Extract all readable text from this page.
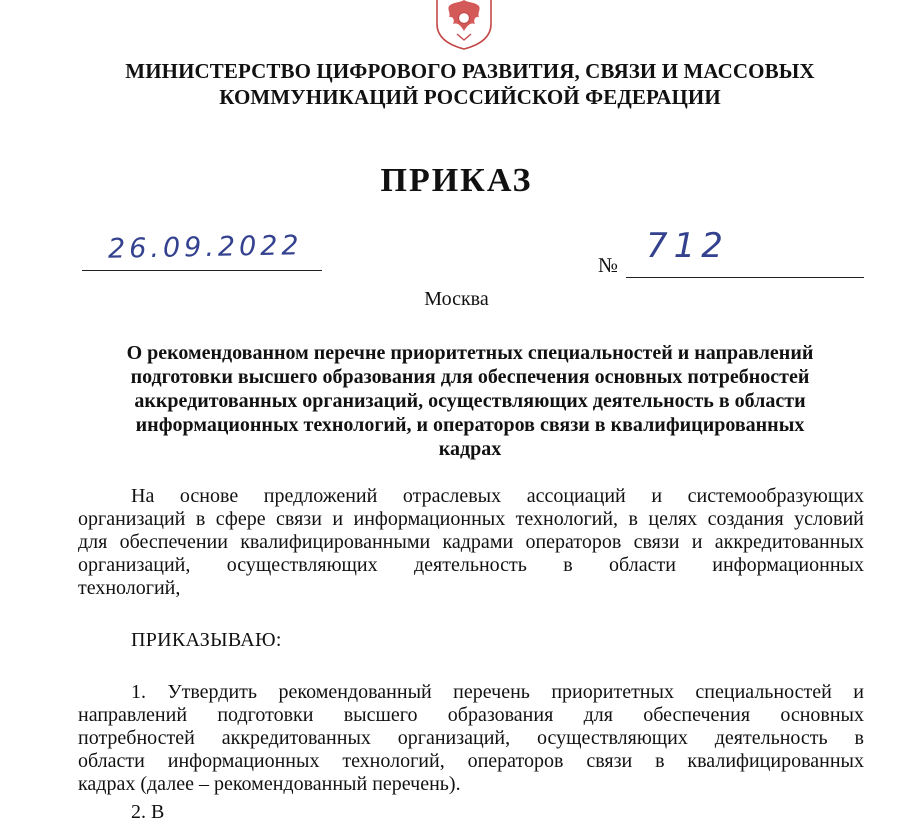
МИНИСТЕРСТВО ЦИФРОВОГО РАЗВИТИЯ, СВЯЗИ И МАССОВЫХ
КОММУНИКАЦИЙ РОССИЙСКОЙ ФЕДЕРАЦИИ
ПРИКАЗ
26.09.2022
№ 712
Москва
О рекомендованном перечне приоритетных специальностей и направлений
подготовки высшего образования для обеспечения основных потребностей
аккредитованных организаций, осуществляющих деятельность в области
информационных технологий, и операторов связи в квалифицированных
кадрах
На основе предложений отраслевых ассоциаций и системообразующих
организаций в сфере связи и информационных технологий, в целях создания условий
для обеспечении квалифицированными кадрами операторов связи и аккредитованных
организаций, осуществляющих деятельность в области информационных
технологий,
ПРИКАЗЫВАЮ:
1. Утвердить рекомендованный перечень приоритетных специальностей и
направлений подготовки высшего образования для обеспечения основных
потребностей аккредитованных организаций, осуществляющих деятельность в
области информационных технологий, операторов связи в квалифицированных
кадрах (далее – рекомендованный перечень).
2. В
